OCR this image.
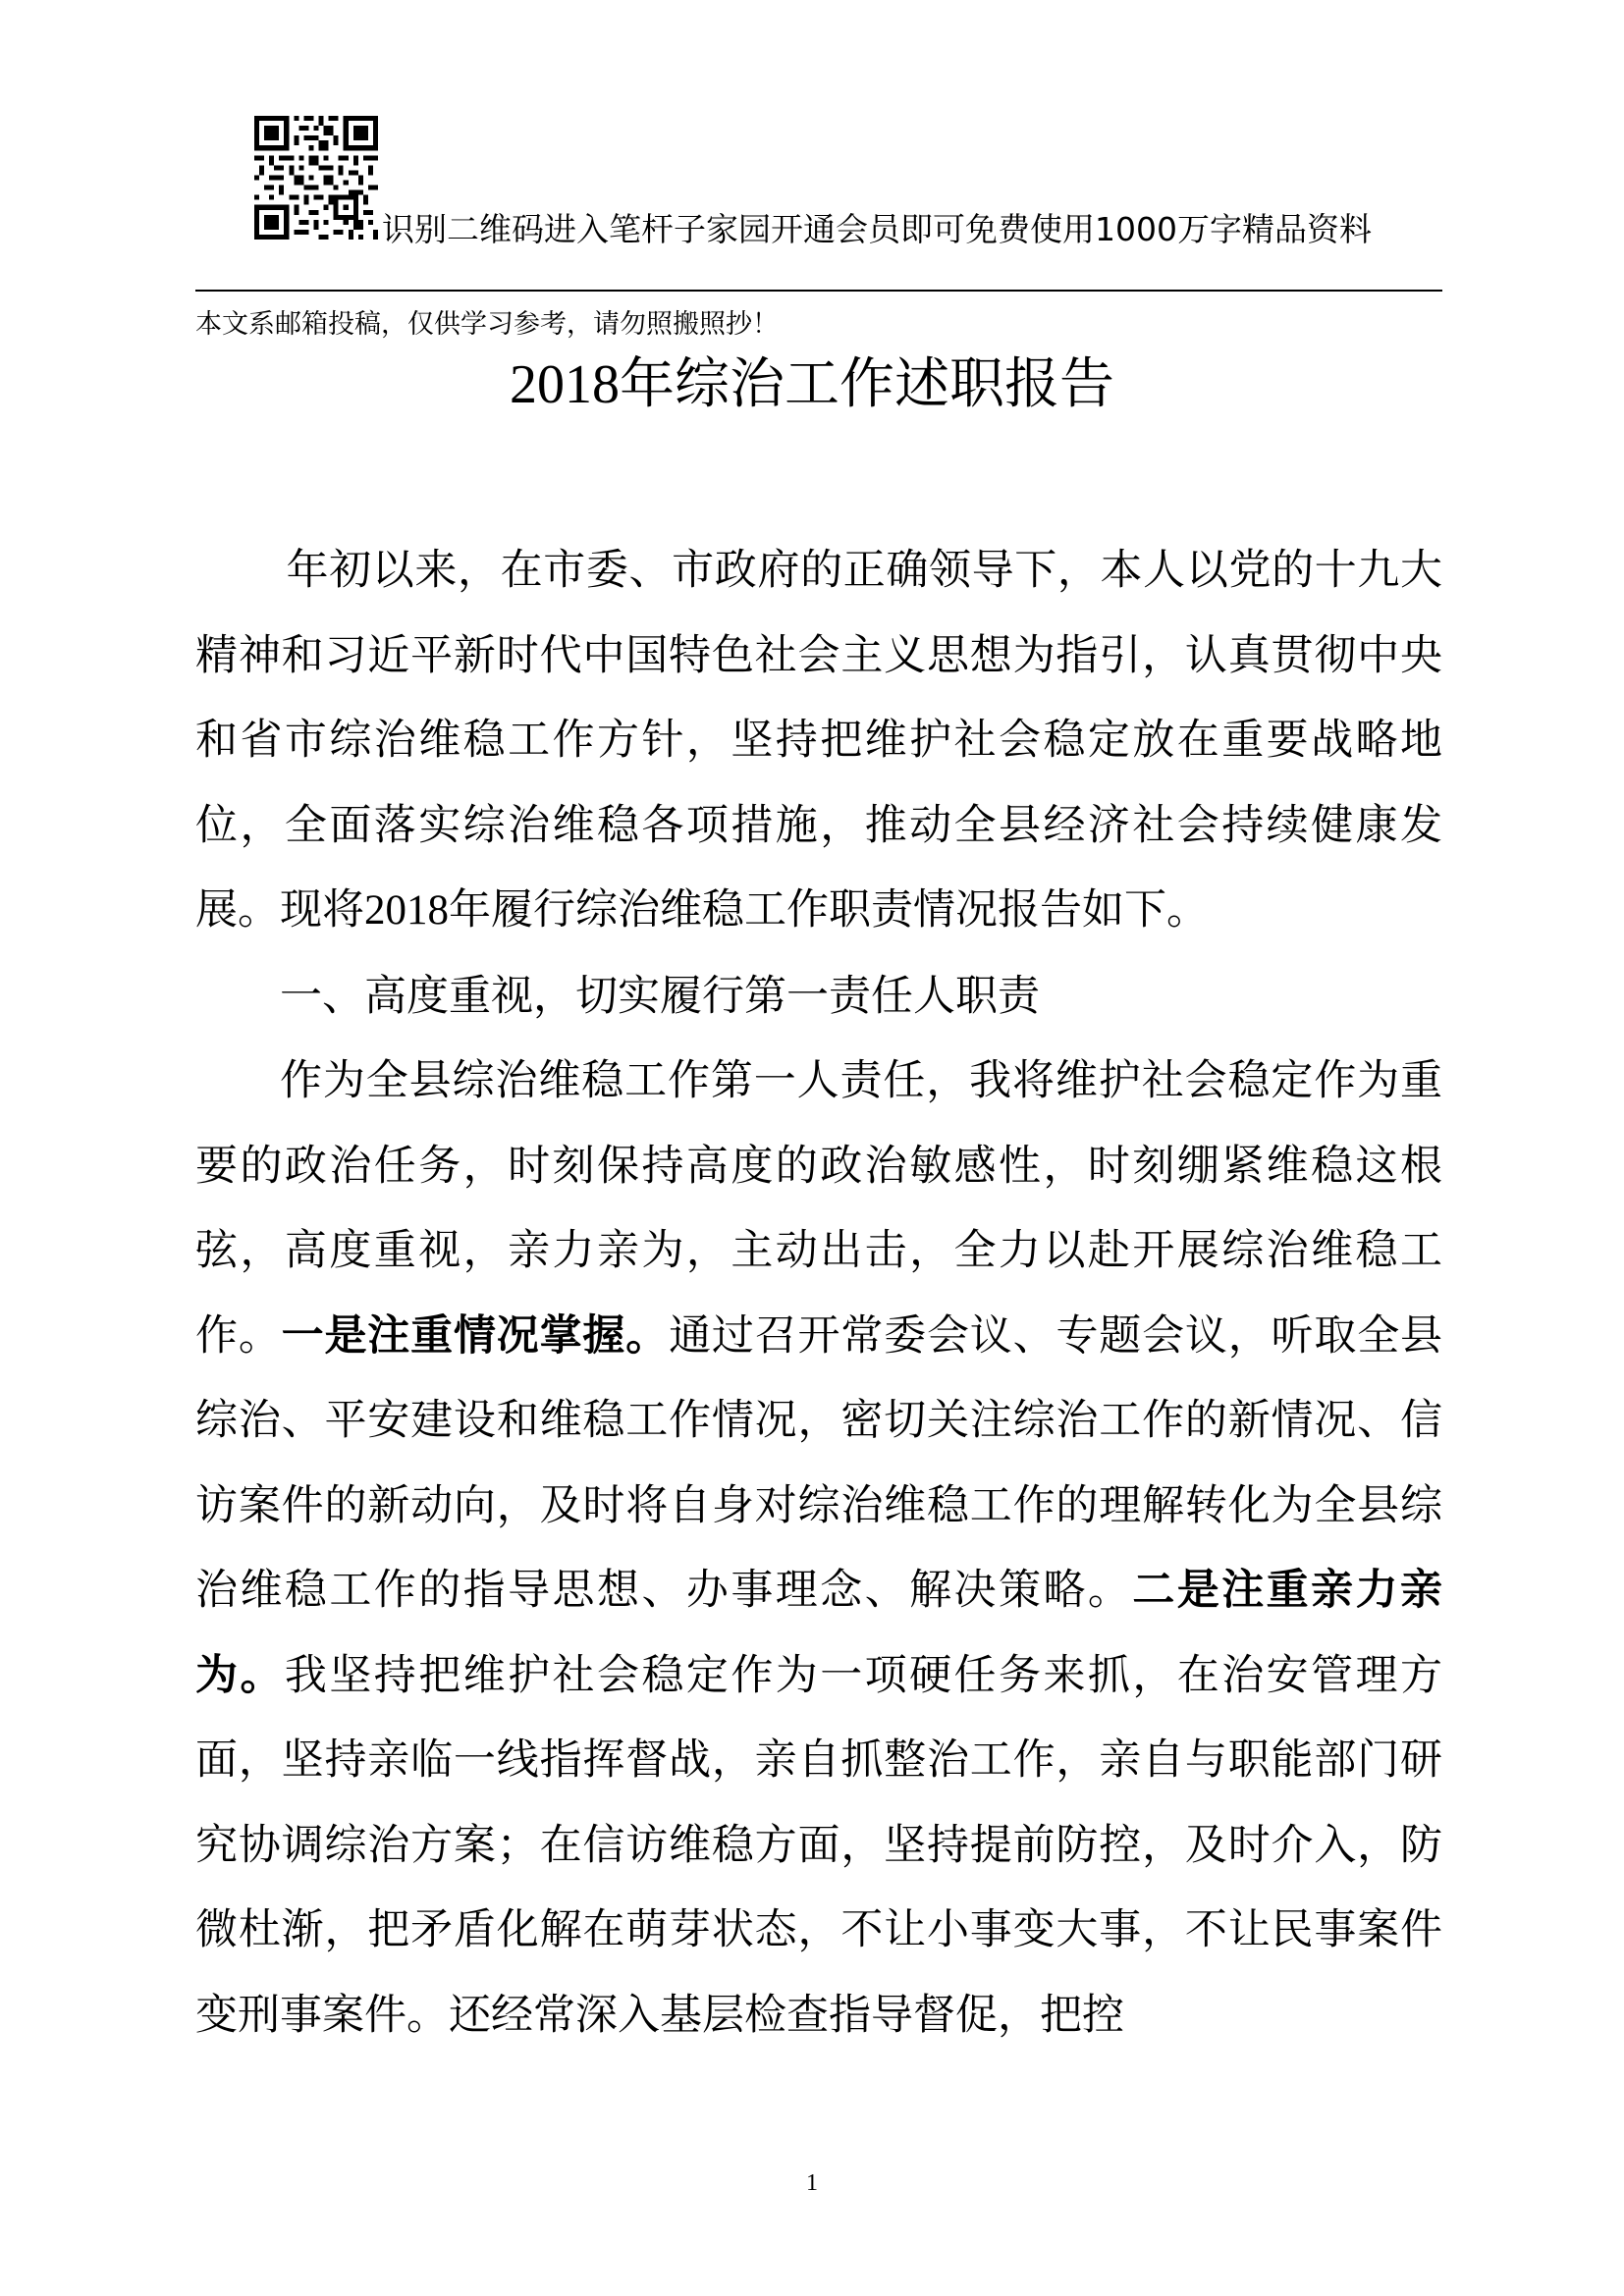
识别二维码进入笔杆子家园开通会员即可免费使用1000万字精品资料
本文系邮箱投稿，仅供学习参考，请勿照搬照抄！
2018年综治工作述职报告

年初以来，在市委、市政府的正确领导下，本人以党的十九大精神和习近平新时代中国特色社会主义思想为指引，认真贯彻中央和省市综治维稳工作方针，坚持把维护社会稳定放在重要战略地位，全面落实综治维稳各项措施，推动全县经济社会持续健康发展。现将2018年履行综治维稳工作职责情况报告如下。

一、高度重视，切实履行第一责任人职责

作为全县综治维稳工作第一人责任，我将维护社会稳定作为重要的政治任务，时刻保持高度的政治敏感性，时刻绷紧维稳这根弦，高度重视，亲力亲为，主动出击，全力以赴开展综治维稳工作。一是注重情况掌握。通过召开常委会议、专题会议，听取全县综治、平安建设和维稳工作情况，密切关注综治工作的新情况、信访案件的新动向，及时将自身对综治维稳工作的理解转化为全县综治维稳工作的指导思想、办事理念、解决策略。二是注重亲力亲为。我坚持把维护社会稳定作为一项硬任务来抓，在治安管理方面，坚持亲临一线指挥督战，亲自抓整治工作，亲自与职能部门研究协调综治方案；在信访维稳方面，坚持提前防控，及时介入，防微杜渐，把矛盾化解在萌芽状态，不让小事变大事，不让民事案件变刑事案件。还经常深入基层检查指导督促，把控

1
